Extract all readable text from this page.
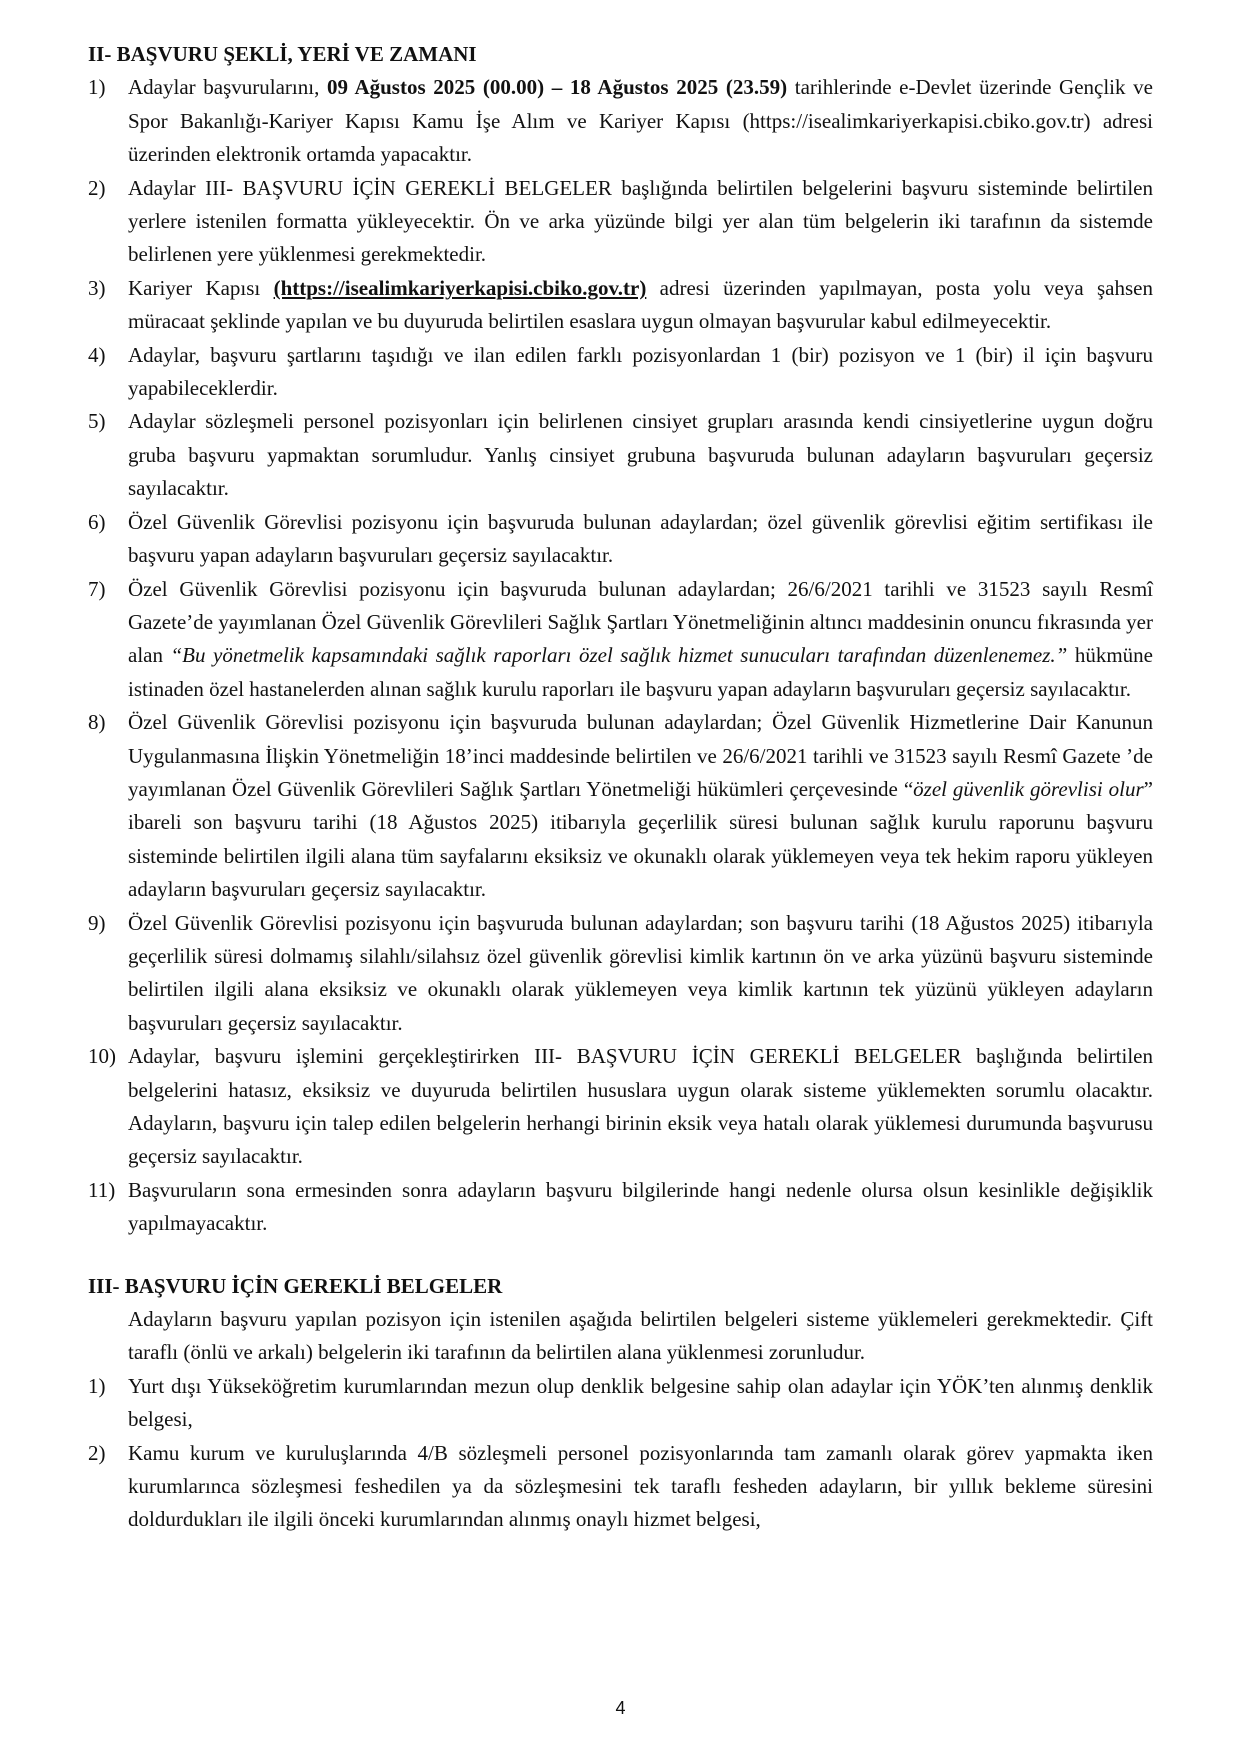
II- BAŞVURU ŞEKLİ, YERİ VE ZAMANI

1) Adaylar başvurularını, 09 Ağustos 2025 (00.00) – 18 Ağustos 2025 (23.59) tarihlerinde e-Devlet üzerinde Gençlik ve Spor Bakanlığı-Kariyer Kapısı Kamu İşe Alım ve Kariyer Kapısı (https://isealimkariyerkapisi.cbiko.gov.tr) adresi üzerinden elektronik ortamda yapacaktır.
2) Adaylar III- BAŞVURU İÇİN GEREKLİ BELGELER başlığında belirtilen belgelerini başvuru sisteminde belirtilen yerlere istenilen formatta yükleyecektir. Ön ve arka yüzünde bilgi yer alan tüm belgelerin iki tarafının da sistemde belirlenen yere yüklenmesi gerekmektedir.
3) Kariyer Kapısı (https://isealimkariyerkapisi.cbiko.gov.tr) adresi üzerinden yapılmayan, posta yolu veya şahsen müracaat şeklinde yapılan ve bu duyuruda belirtilen esaslara uygun olmayan başvurular kabul edilmeyecektir.
4) Adaylar, başvuru şartlarını taşıdığı ve ilan edilen farklı pozisyonlardan 1 (bir) pozisyon ve 1 (bir) il için başvuru yapabileceklerdir.
5) Adaylar sözleşmeli personel pozisyonları için belirlenen cinsiyet grupları arasında kendi cinsiyetlerine uygun doğru gruba başvuru yapmaktan sorumludur. Yanlış cinsiyet grubuna başvuruda bulunan adayların başvuruları geçersiz sayılacaktır.
6) Özel Güvenlik Görevlisi pozisyonu için başvuruda bulunan adaylardan; özel güvenlik görevlisi eğitim sertifikası ile başvuru yapan adayların başvuruları geçersiz sayılacaktır.
7) Özel Güvenlik Görevlisi pozisyonu için başvuruda bulunan adaylardan; 26/6/2021 tarihli ve 31523 sayılı Resmî Gazete’de yayımlanan Özel Güvenlik Görevlileri Sağlık Şartları Yönetmeliğinin altıncı maddesinin onuncu fıkrasında yer alan “Bu yönetmelik kapsamındaki sağlık raporları özel sağlık hizmet sunucuları tarafından düzenlenemez.” hükmüne istinaden özel hastanelerden alınan sağlık kurulu raporları ile başvuru yapan adayların başvuruları geçersiz sayılacaktır.
8) Özel Güvenlik Görevlisi pozisyonu için başvuruda bulunan adaylardan; Özel Güvenlik Hizmetlerine Dair Kanunun Uygulanmasına İlişkin Yönetmeliğin 18’inci maddesinde belirtilen ve 26/6/2021 tarihli ve 31523 sayılı Resmî Gazete ’de yayımlanan Özel Güvenlik Görevlileri Sağlık Şartları Yönetmeliği hükümleri çerçevesinde “özel güvenlik görevlisi olur” ibareli son başvuru tarihi (18 Ağustos 2025) itibarıyla geçerlilik süresi bulunan sağlık kurulu raporunu başvuru sisteminde belirtilen ilgili alana tüm sayfalarını eksiksiz ve okunaklı olarak yüklemeyen veya tek hekim raporu yükleyen adayların başvuruları geçersiz sayılacaktır.
9) Özel Güvenlik Görevlisi pozisyonu için başvuruda bulunan adaylardan; son başvuru tarihi (18 Ağustos 2025) itibarıyla geçerlilik süresi dolmamış silahlı/silahsız özel güvenlik görevlisi kimlik kartının ön ve arka yüzünü başvuru sisteminde belirtilen ilgili alana eksiksiz ve okunaklı olarak yüklemeyen veya kimlik kartının tek yüzünü yükleyen adayların başvuruları geçersiz sayılacaktır.
10) Adaylar, başvuru işlemini gerçekleştirirken III- BAŞVURU İÇİN GEREKLİ BELGELER başlığında belirtilen belgelerini hatasız, eksiksiz ve duyuruda belirtilen hususlara uygun olarak sisteme yüklemekten sorumlu olacaktır. Adayların, başvuru için talep edilen belgelerin herhangi birinin eksik veya hatalı olarak yüklemesi durumunda başvurusu geçersiz sayılacaktır.
11) Başvuruların sona ermesinden sonra adayların başvuru bilgilerinde hangi nedenle olursa olsun kesinlikle değişiklik yapılmayacaktır.

III- BAŞVURU İÇİN GEREKLİ BELGELER

Adayların başvuru yapılan pozisyon için istenilen aşağıda belirtilen belgeleri sisteme yüklemeleri gerekmektedir. Çift taraflı (önlü ve arkalı) belgelerin iki tarafının da belirtilen alana yüklenmesi zorunludur.

1) Yurt dışı Yükseköğretim kurumlarından mezun olup denklik belgesine sahip olan adaylar için YÖK’ten alınmış denklik belgesi,
2) Kamu kurum ve kuruluşlarında 4/B sözleşmeli personel pozisyonlarında tam zamanlı olarak görev yapmakta iken kurumlarınca sözleşmesi feshedilen ya da sözleşmesini tek taraflı fesheden adayların, bir yıllık bekleme süresini doldurdukları ile ilgili önceki kurumlarından alınmış onaylı hizmet belgesi,
4
